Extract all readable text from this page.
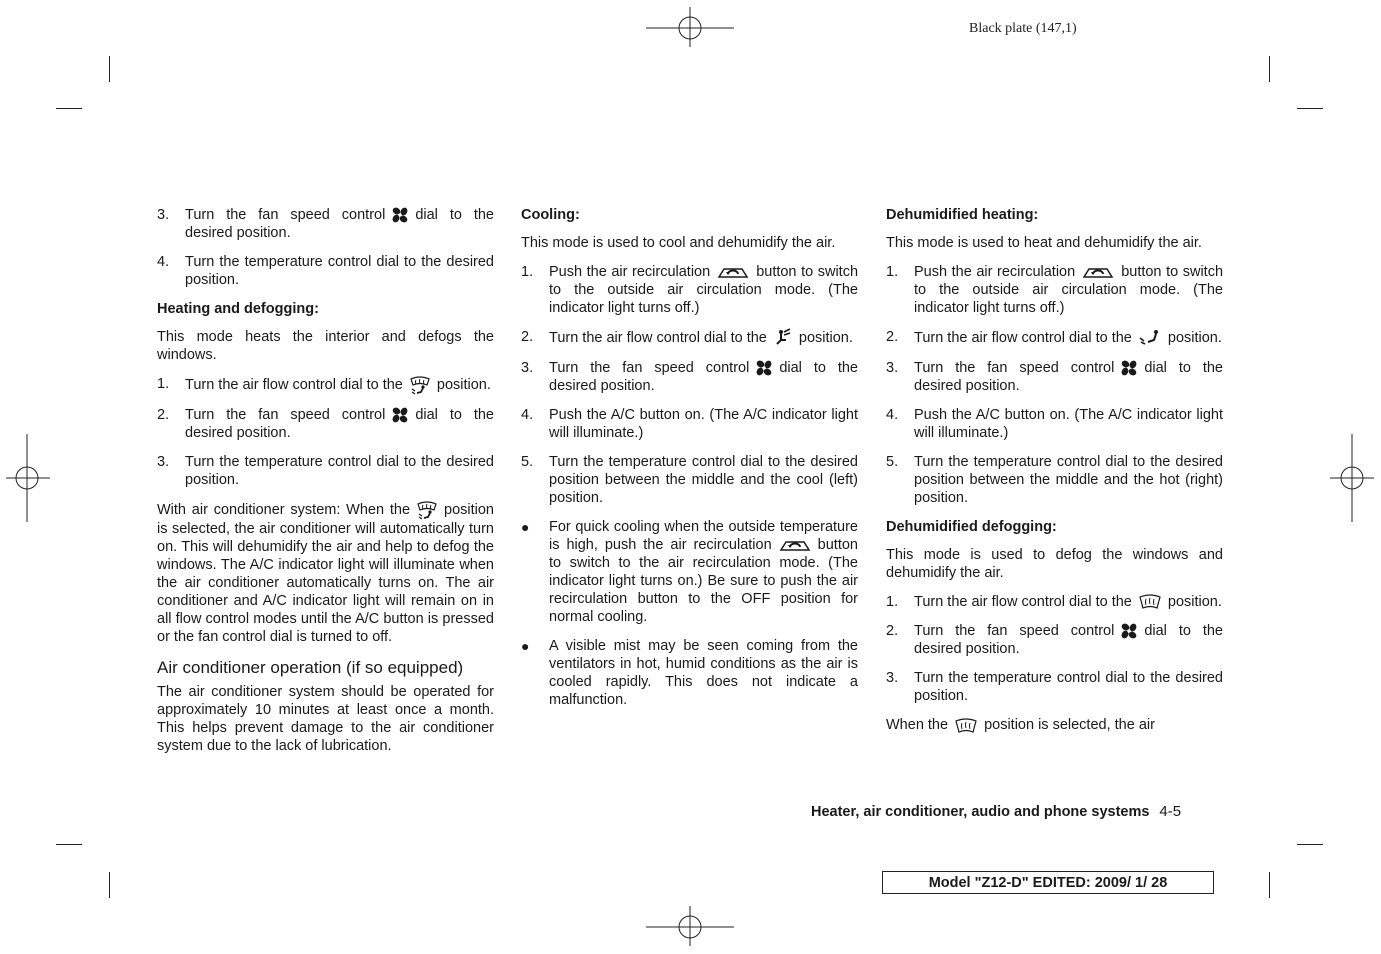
Black plate (147,1)
3. Turn the fan speed control dial to the desired position.
4. Turn the temperature control dial to the desired position.
Heating and defogging:
This mode heats the interior and defogs the windows.
1. Turn the air flow control dial to the position.
2. Turn the fan speed control dial to the desired position.
3. Turn the temperature control dial to the desired position.
With air conditioner system: When the position is selected, the air conditioner will automatically turn on. This will dehumidify the air and help to defog the windows. The A/C indicator light will illuminate when the air conditioner automatically turns on. The air conditioner and A/C indicator light will remain on in all flow control modes until the A/C button is pressed or the fan control dial is turned to off.
Air conditioner operation (if so equipped)
The air conditioner system should be operated for approximately 10 minutes at least once a month. This helps prevent damage to the air conditioner system due to the lack of lubrication.
Cooling:
This mode is used to cool and dehumidify the air.
1. Push the air recirculation	button to switch to the outside air circulation mode. (The indicator light turns off.)
2. Turn the air flow control dial to the position.
3. Turn the fan speed control dial to the desired position.
4. Push the A/C button on. (The A/C indicator light will illuminate.)
5. Turn the temperature control dial to the desired position between the middle and the cool (left) position.
● For quick cooling when the outside temperature is high, push the air recirculation	button to switch to the air recirculation mode. (The indicator light turns on.) Be sure to push the air recirculation button to the OFF position for normal cooling.
● A visible mist may be seen coming from the ventilators in hot, humid conditions as the air is cooled rapidly. This does not indicate a malfunction.
Dehumidified heating:
This mode is used to heat and dehumidify the air.
1. Push the air recirculation	button to switch to the outside air circulation mode. (The indicator light turns off.)
2. Turn the air flow control dial to the position.
3. Turn the fan speed control dial to the desired position.
4. Push the A/C button on. (The A/C indicator light will illuminate.)
5. Turn the temperature control dial to the desired position between the middle and the hot (right) position.
Dehumidified defogging:
This mode is used to defog the windows and dehumidify the air.
1. Turn the air flow control dial to the position.
2. Turn the fan speed control dial to the desired position.
3. Turn the temperature control dial to the desired position.
When the position is selected, the air
Heater, air conditioner, audio and phone systems 4-5
Model "Z12-D" EDITED: 2009/ 1/ 28
